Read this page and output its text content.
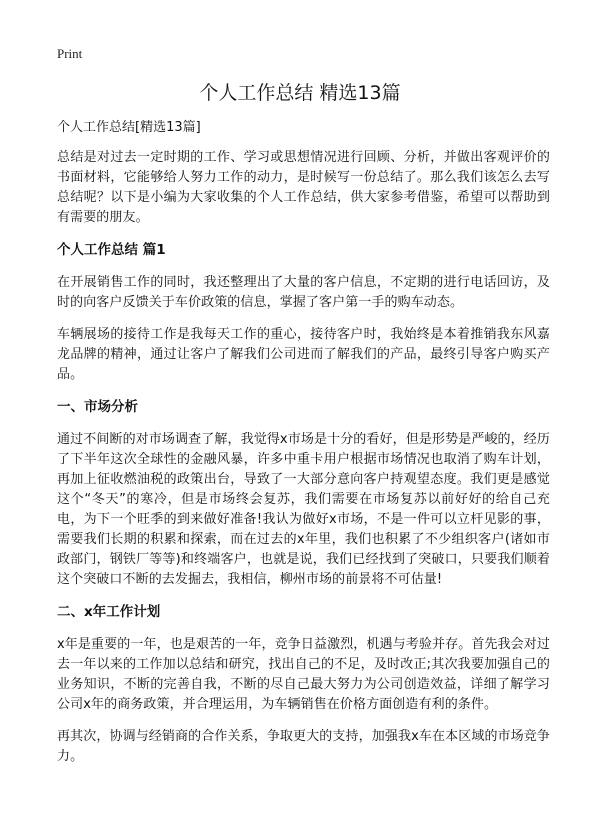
Print
个人工作总结 精选13篇
个人工作总结[精选13篇]

总结是对过去一定时期的工作、学习或思想情况进行回顾、分析，并做出客观评价的书面材料，它能够给人努力工作的动力，是时候写一份总结了。那么我们该怎么去写总结呢？以下是小编为大家收集的个人工作总结，供大家参考借鉴，希望可以帮助到有需要的朋友。

个人工作总结 篇1

在开展销售工作的同时，我还整理出了大量的客户信息，不定期的进行电话回访，及时的向客户反馈关于车价政策的信息，掌握了客户第一手的购车动态。

车辆展场的接待工作是我每天工作的重心，接待客户时，我始终是本着推销我东风嘉龙品牌的精神，通过让客户了解我们公司进而了解我们的产品，最终引导客户购买产品。

一、市场分析

通过不间断的对市场调查了解，我觉得x市场是十分的看好，但是形势是严峻的，经历了下半年这次全球性的金融风暴，许多中重卡用户根据市场情况也取消了购车计划，再加上征收燃油税的政策出台，导致了一大部分意向客户持观望态度。我们更是感觉这个“冬天”的寒冷，但是市场终会复苏，我们需要在市场复苏以前好好的给自己充电，为下一个旺季的到来做好准备!我认为做好x市场，不是一件可以立杆见影的事，需要我们长期的积累和探索，而在过去的x年里，我们也积累了不少组织客户(诸如市政部门，钢铁厂等等)和终端客户，也就是说，我们已经找到了突破口，只要我们顺着这个突破口不断的去发掘去，我相信，柳州市场的前景将不可估量!

二、x年工作计划

x年是重要的一年，也是艰苦的一年，竞争日益激烈，机遇与考验并存。首先我会对过去一年以来的工作加以总结和研究，找出自己的不足，及时改正;其次我要加强自己的业务知识，不断的完善自我，不断的尽自己最大努力为公司创造效益，详细了解学习公司x年的商务政策，并合理运用，为车辆销售在价格方面创造有利的条件。

再其次，协调与经销商的合作关系，争取更大的支持，加强我x车在本区域的市场竞争力。
